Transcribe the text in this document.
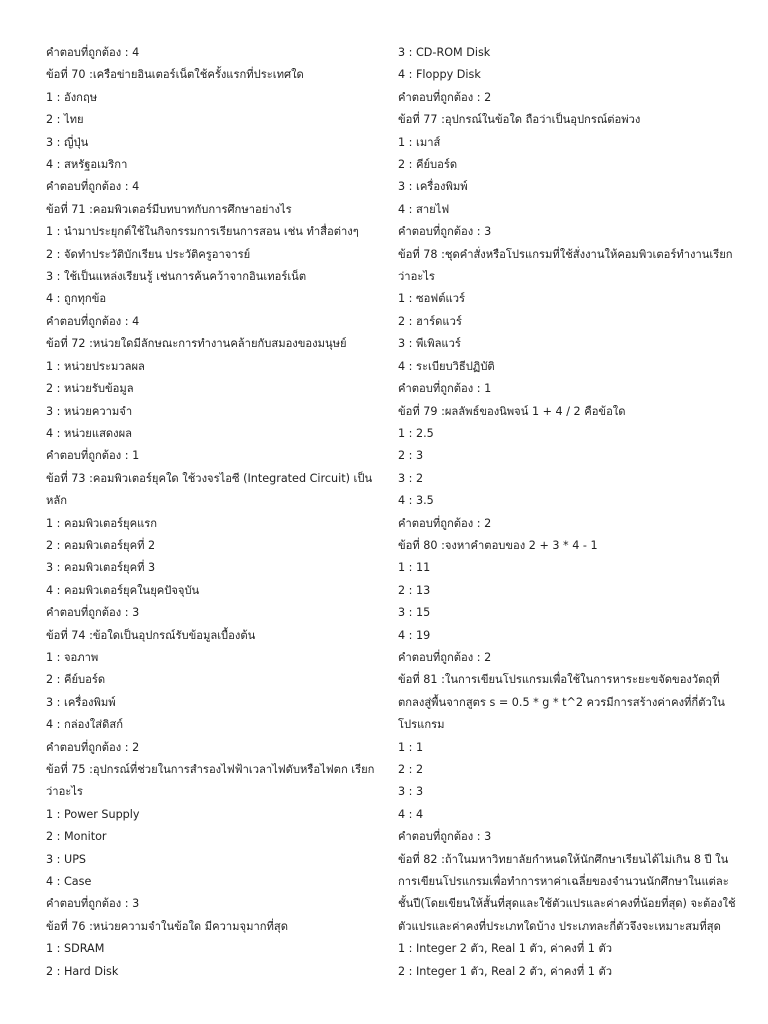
คำตอบที่ถูกต้อง : 4
ข้อที่ 70 :เครือข่ายอินเตอร์เน็ตใช้ครั้งแรกที่ประเทศใด
1 : อังกฤษ
2 : ไทย
3 : ญี่ปุ่น
4 : สหรัฐอเมริกา
คำตอบที่ถูกต้อง : 4
ข้อที่ 71 :คอมพิวเตอร์มีบทบาทกับการศึกษาอย่างไร
1 : นำมาประยุกต์ใช้ในกิจกรรมการเรียนการสอน เช่น ทำสื่อต่างๆ
2 : จัดทำประวัติบักเรียน ประวัติครูอาจารย์
3 : ใช้เป็นแหล่งเรียนรู้ เช่นการค้นคว้าจากอินเทอร์เน็ต
4 : ถูกทุกข้อ
คำตอบที่ถูกต้อง : 4
ข้อที่ 72 :หน่วยใดมีลักษณะการทำงานคล้ายกับสมองของมนุษย์
1 : หน่วยประมวลผล
2 : หน่วยรับข้อมูล
3 : หน่วยความจำ
4 : หน่วยแสดงผล
คำตอบที่ถูกต้อง : 1
ข้อที่ 73 :คอมพิวเตอร์ยุคใด ใช้วงจรไอซี (Integrated Circuit) เป็นหลัก
1 : คอมพิวเตอร์ยุคแรก
2 : คอมพิวเตอร์ยุคที่ 2
3 : คอมพิวเตอร์ยุคที่ 3
4 : คอมพิวเตอร์ยุคในยุคปัจจุบัน
คำตอบที่ถูกต้อง : 3
ข้อที่ 74 :ข้อใดเป็นอุปกรณ์รับข้อมูลเบื้องต้น
1 : จอภาพ
2 : คีย์บอร์ด
3 : เครื่องพิมพ์
4 : กล่องใส่ดิสก์
คำตอบที่ถูกต้อง : 2
ข้อที่ 75 :อุปกรณ์ที่ช่วยในการสำรองไฟฟ้าเวลาไฟดับหรือไฟตก เรียกว่าอะไร
1 : Power Supply
2 : Monitor
3 : UPS
4 : Case
คำตอบที่ถูกต้อง : 3
ข้อที่ 76 :หน่วยความจำในข้อใด มีความจุมากที่สุด
1 : SDRAM
2 : Hard Disk
3 : CD-ROM Disk
4 : Floppy Disk
คำตอบที่ถูกต้อง : 2
ข้อที่ 77 :อุปกรณ์ในข้อใด ถือว่าเป็นอุปกรณ์ต่อพ่วง
1 : เมาส์
2 : คีย์บอร์ด
3 : เครื่องพิมพ์
4 : สายไฟ
คำตอบที่ถูกต้อง : 3
ข้อที่ 78 :ชุดคำสั่งหรือโปรแกรมที่ใช้สั่งงานให้คอมพิวเตอร์ทำงานเรียกว่าอะไร
1 : ซอฟต์แวร์
2 : ฮาร์ดแวร์
3 : พีเพิลแวร์
4 : ระเบียบวิธีปฏิบัติ
คำตอบที่ถูกต้อง : 1
ข้อที่ 79 :ผลลัพธ์ของนิพจน์ 1 + 4 / 2 คือข้อใด
1 : 2.5
2 : 3
3 : 2
4 : 3.5
คำตอบที่ถูกต้อง : 2
ข้อที่ 80 :จงหาคำตอบของ 2 + 3 * 4 - 1
1 : 11
2 : 13
3 : 15
4 : 19
คำตอบที่ถูกต้อง : 2
ข้อที่ 81 :ในการเขียนโปรแกรมเพื่อใช้ในการหาระยะขจัดของวัตถุที่ตกลงสู่พื้นจากสูตร s = 0.5 * g * t^2 ควรมีการสร้างค่าคงที่กี่ตัวในโปรแกรม
1 : 1
2 : 2
3 : 3
4 : 4
คำตอบที่ถูกต้อง : 3
ข้อที่ 82 :ถ้าในมหาวิทยาลัยกำหนดให้นักศึกษาเรียนได้ไม่เกิน 8 ปี ในการเขียนโปรแกรมเพื่อทำการหาค่าเฉลี่ยของจำนวนนักศึกษาในแต่ละชั้นปี(โดยเขียนให้สั้นที่สุดและใช้ตัวแปรและค่าคงที่น้อยที่สุด) จะต้องใช้ตัวแปรและค่าคงที่ประเภทใดบ้าง ประเภทละกี่ตัวจึงจะเหมาะสมที่สุด
1 : Integer 2 ตัว, Real 1 ตัว, ค่าคงที่ 1 ตัว
2 : Integer 1 ตัว, Real 2 ตัว, ค่าคงที่ 1 ตัว
